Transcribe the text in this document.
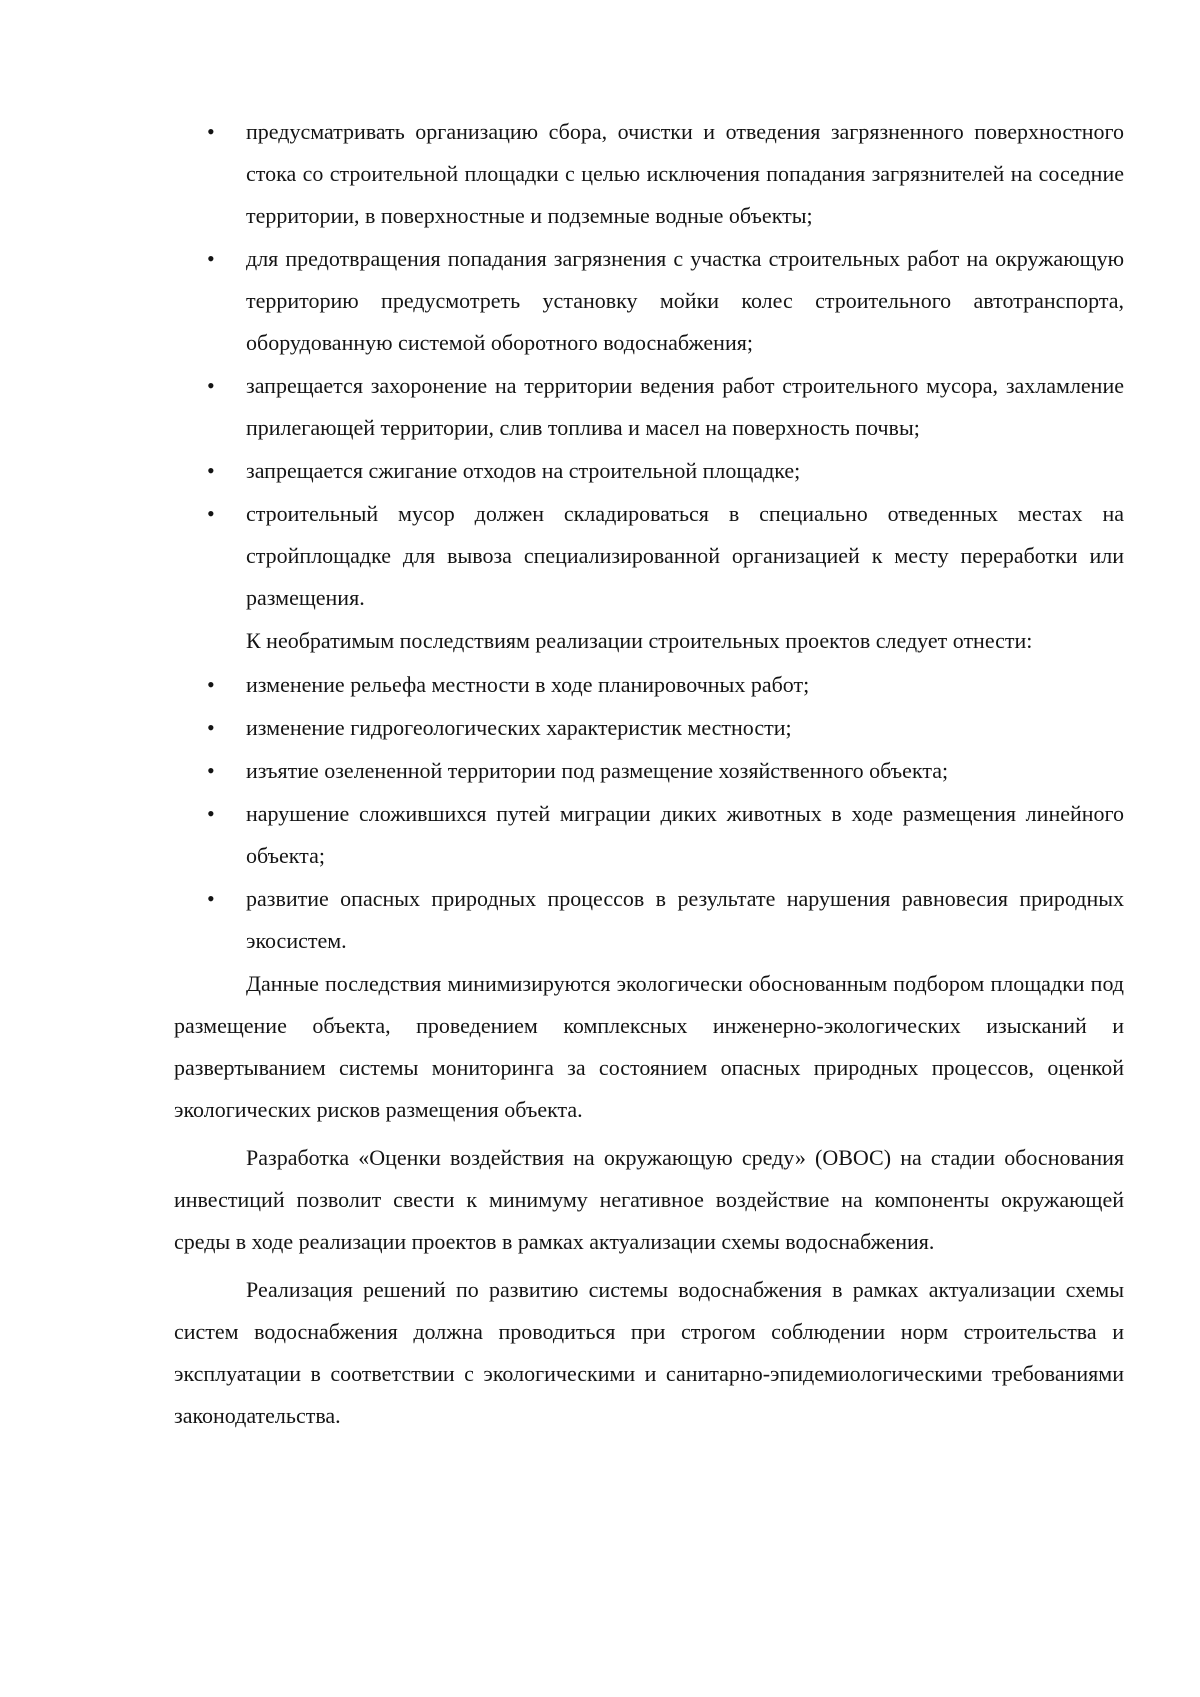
• предусматривать организацию сбора, очистки и отведения загрязненного поверхностного стока со строительной площадки с целью исключения попадания загрязнителей на соседние территории, в поверхностные и подземные водные объекты;
• для предотвращения попадания загрязнения с участка строительных работ на окружающую территорию предусмотреть установку мойки колес строительного автотранспорта, оборудованную системой оборотного водоснабжения;
• запрещается захоронение на территории ведения работ строительного мусора, захламление прилегающей территории, слив топлива и масел на поверхность почвы;
• запрещается сжигание отходов на строительной площадке;
• строительный мусор должен складироваться в специально отведенных местах на стройплощадке для вывоза специализированной организацией к месту переработки или размещения.

К необратимым последствиям реализации строительных проектов следует отнести:

• изменение рельефа местности в ходе планировочных работ;
• изменение гидрогеологических характеристик местности;
• изъятие озелененной территории под размещение хозяйственного объекта;
• нарушение сложившихся путей миграции диких животных в ходе размещения линейного объекта;
• развитие опасных природных процессов в результате нарушения равновесия природных экосистем.

Данные последствия минимизируются экологически обоснованным подбором площадки под размещение объекта, проведением комплексных инженерно-экологических изысканий и развертыванием системы мониторинга за состоянием опасных природных процессов, оценкой экологических рисков размещения объекта.

Разработка «Оценки воздействия на окружающую среду» (ОВОС) на стадии обоснования инвестиций позволит свести к минимуму негативное воздействие на компоненты окружающей среды в ходе реализации проектов в рамках актуализации схемы водоснабжения.

Реализация решений по развитию системы водоснабжения в рамках актуализации схемы систем водоснабжения должна проводиться при строгом соблюдении норм строительства и эксплуатации в соответствии с экологическими и санитарно-эпидемиологическими требованиями законодательства.
